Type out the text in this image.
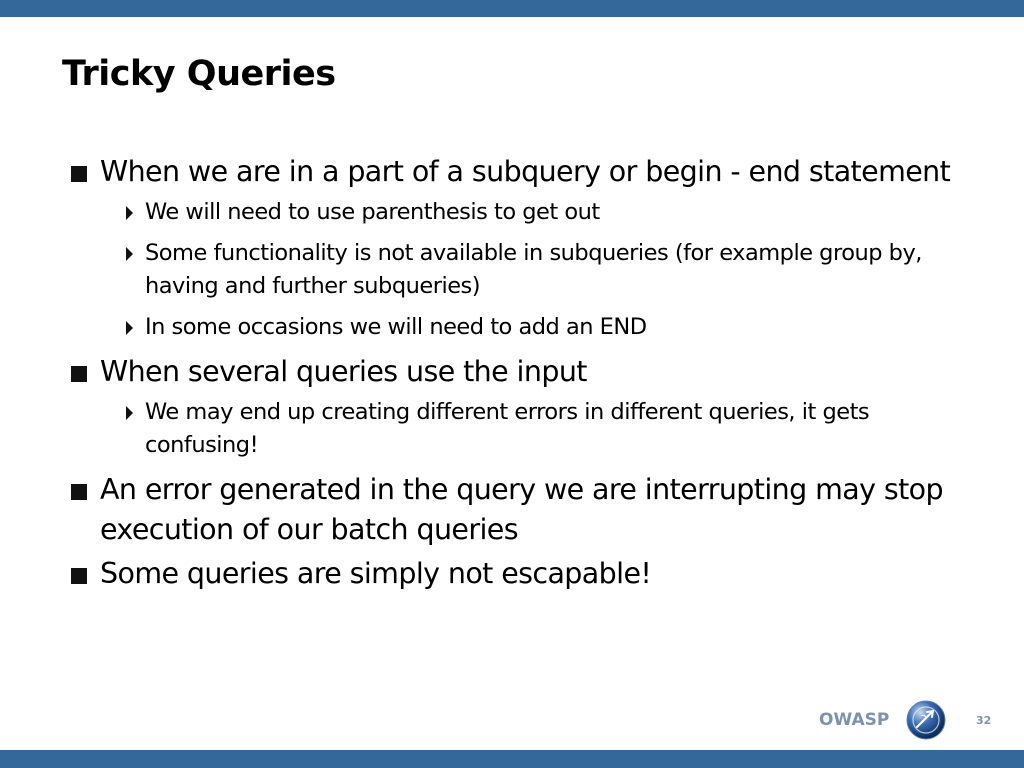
Tricky Queries
When we are in a part of a subquery or begin - end statement
We will need to use parenthesis to get out
Some functionality is not available in subqueries (for example group by, having and further subqueries)
In some occasions we will need to add an END
When several queries use the input
We may end up creating different errors in different queries, it gets confusing!
An error generated in the query we are interrupting may stop execution of our batch queries
Some queries are simply not escapable!
OWASP	32
